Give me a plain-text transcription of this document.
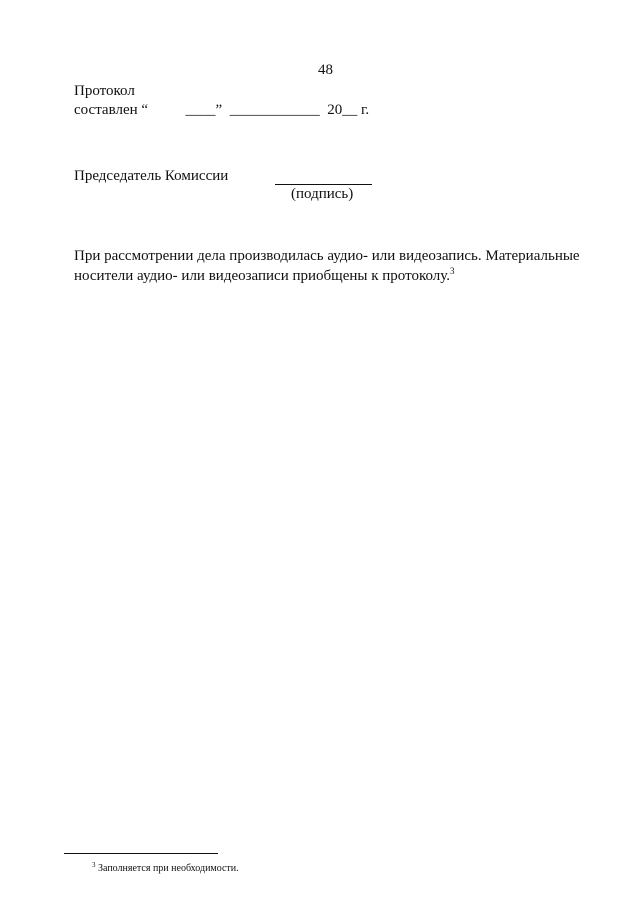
48
Протокол
составлен “          ____”  ____________  20__ г.
Председатель Комиссии
(подпись)
При рассмотрении дела производилась аудио- или видеозапись. Материальные носители аудио- или видеозаписи приобщены к протоколу.$^3$
$^3$ Заполняется при необходимости.
